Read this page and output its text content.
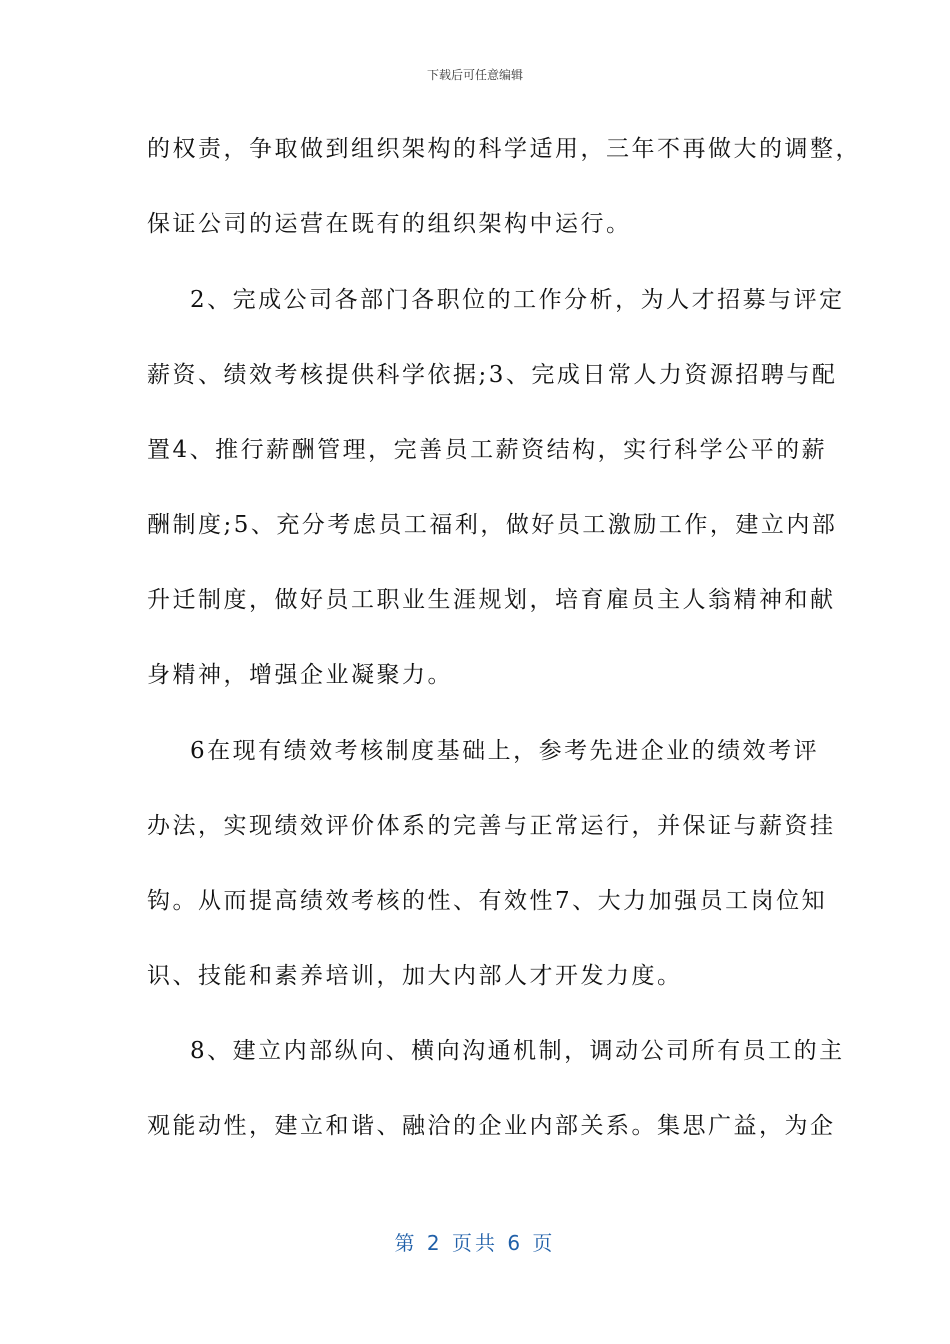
下载后可任意编辑
的权责，争取做到组织架构的科学适用，三年不再做大的调整，
保证公司的运营在既有的组织架构中运行。
2、完成公司各部门各职位的工作分析，为人才招募与评定
薪资、绩效考核提供科学依据;3、完成日常人力资源招聘与配
置4、推行薪酬管理，完善员工薪资结构，实行科学公平的薪
酬制度;5、充分考虑员工福利，做好员工激励工作，建立内部
升迁制度，做好员工职业生涯规划，培育雇员主人翁精神和献
身精神，增强企业凝聚力。
6在现有绩效考核制度基础上，参考先进企业的绩效考评
办法，实现绩效评价体系的完善与正常运行，并保证与薪资挂
钩。从而提高绩效考核的性、有效性7、大力加强员工岗位知
识、技能和素养培训，加大内部人才开发力度。
8、建立内部纵向、横向沟通机制，调动公司所有员工的主
观能动性，建立和谐、融洽的企业内部关系。集思广益，为企
第 2 页共 6 页
